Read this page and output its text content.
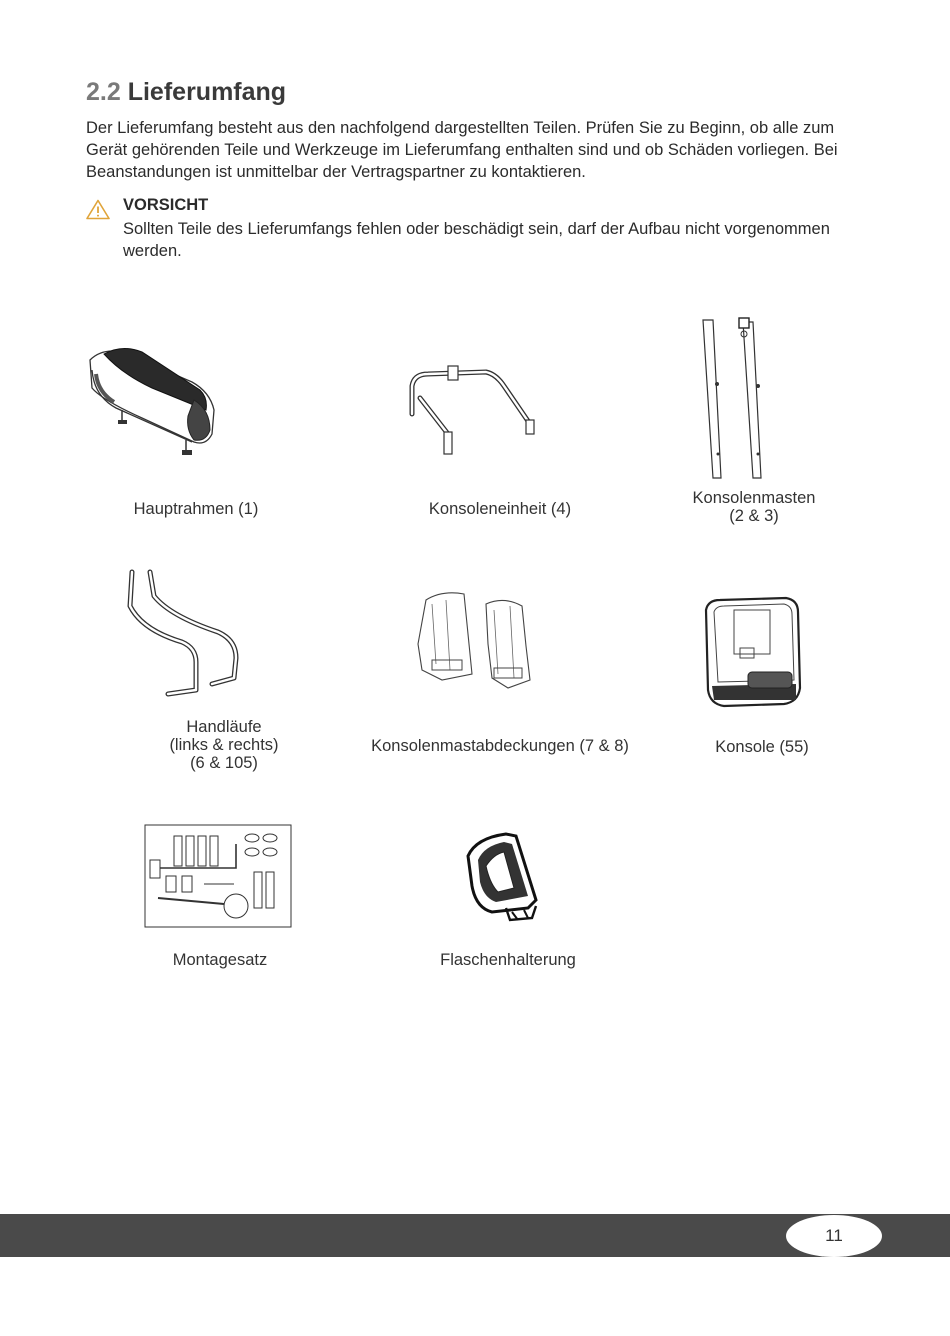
2.2 Lieferumfang

Der Lieferumfang besteht aus den nachfolgend dargestellten Teilen. Prüfen Sie zu Beginn, ob alle zum Gerät gehörenden Teile und Werkzeuge im Lieferumfang enthalten sind und ob Schäden vorliegen. Bei Beanstandungen ist unmittelbar der Vertragspartner zu kontaktieren.

VORSICHT

Sollten Teile des Lieferumfangs fehlen oder beschädigt sein, darf der Aufbau nicht vorgenommen werden.

Hauptrahmen (1)	Konsoleneinheit (4)
Konsolenmasten
(2 & 3)
Handläufe
(links & rechts)
(6 & 105)
Konsolenmastabdeckungen (7 & 8)	Konsole (55)
Montagesatz	Flaschenhalterung
11
